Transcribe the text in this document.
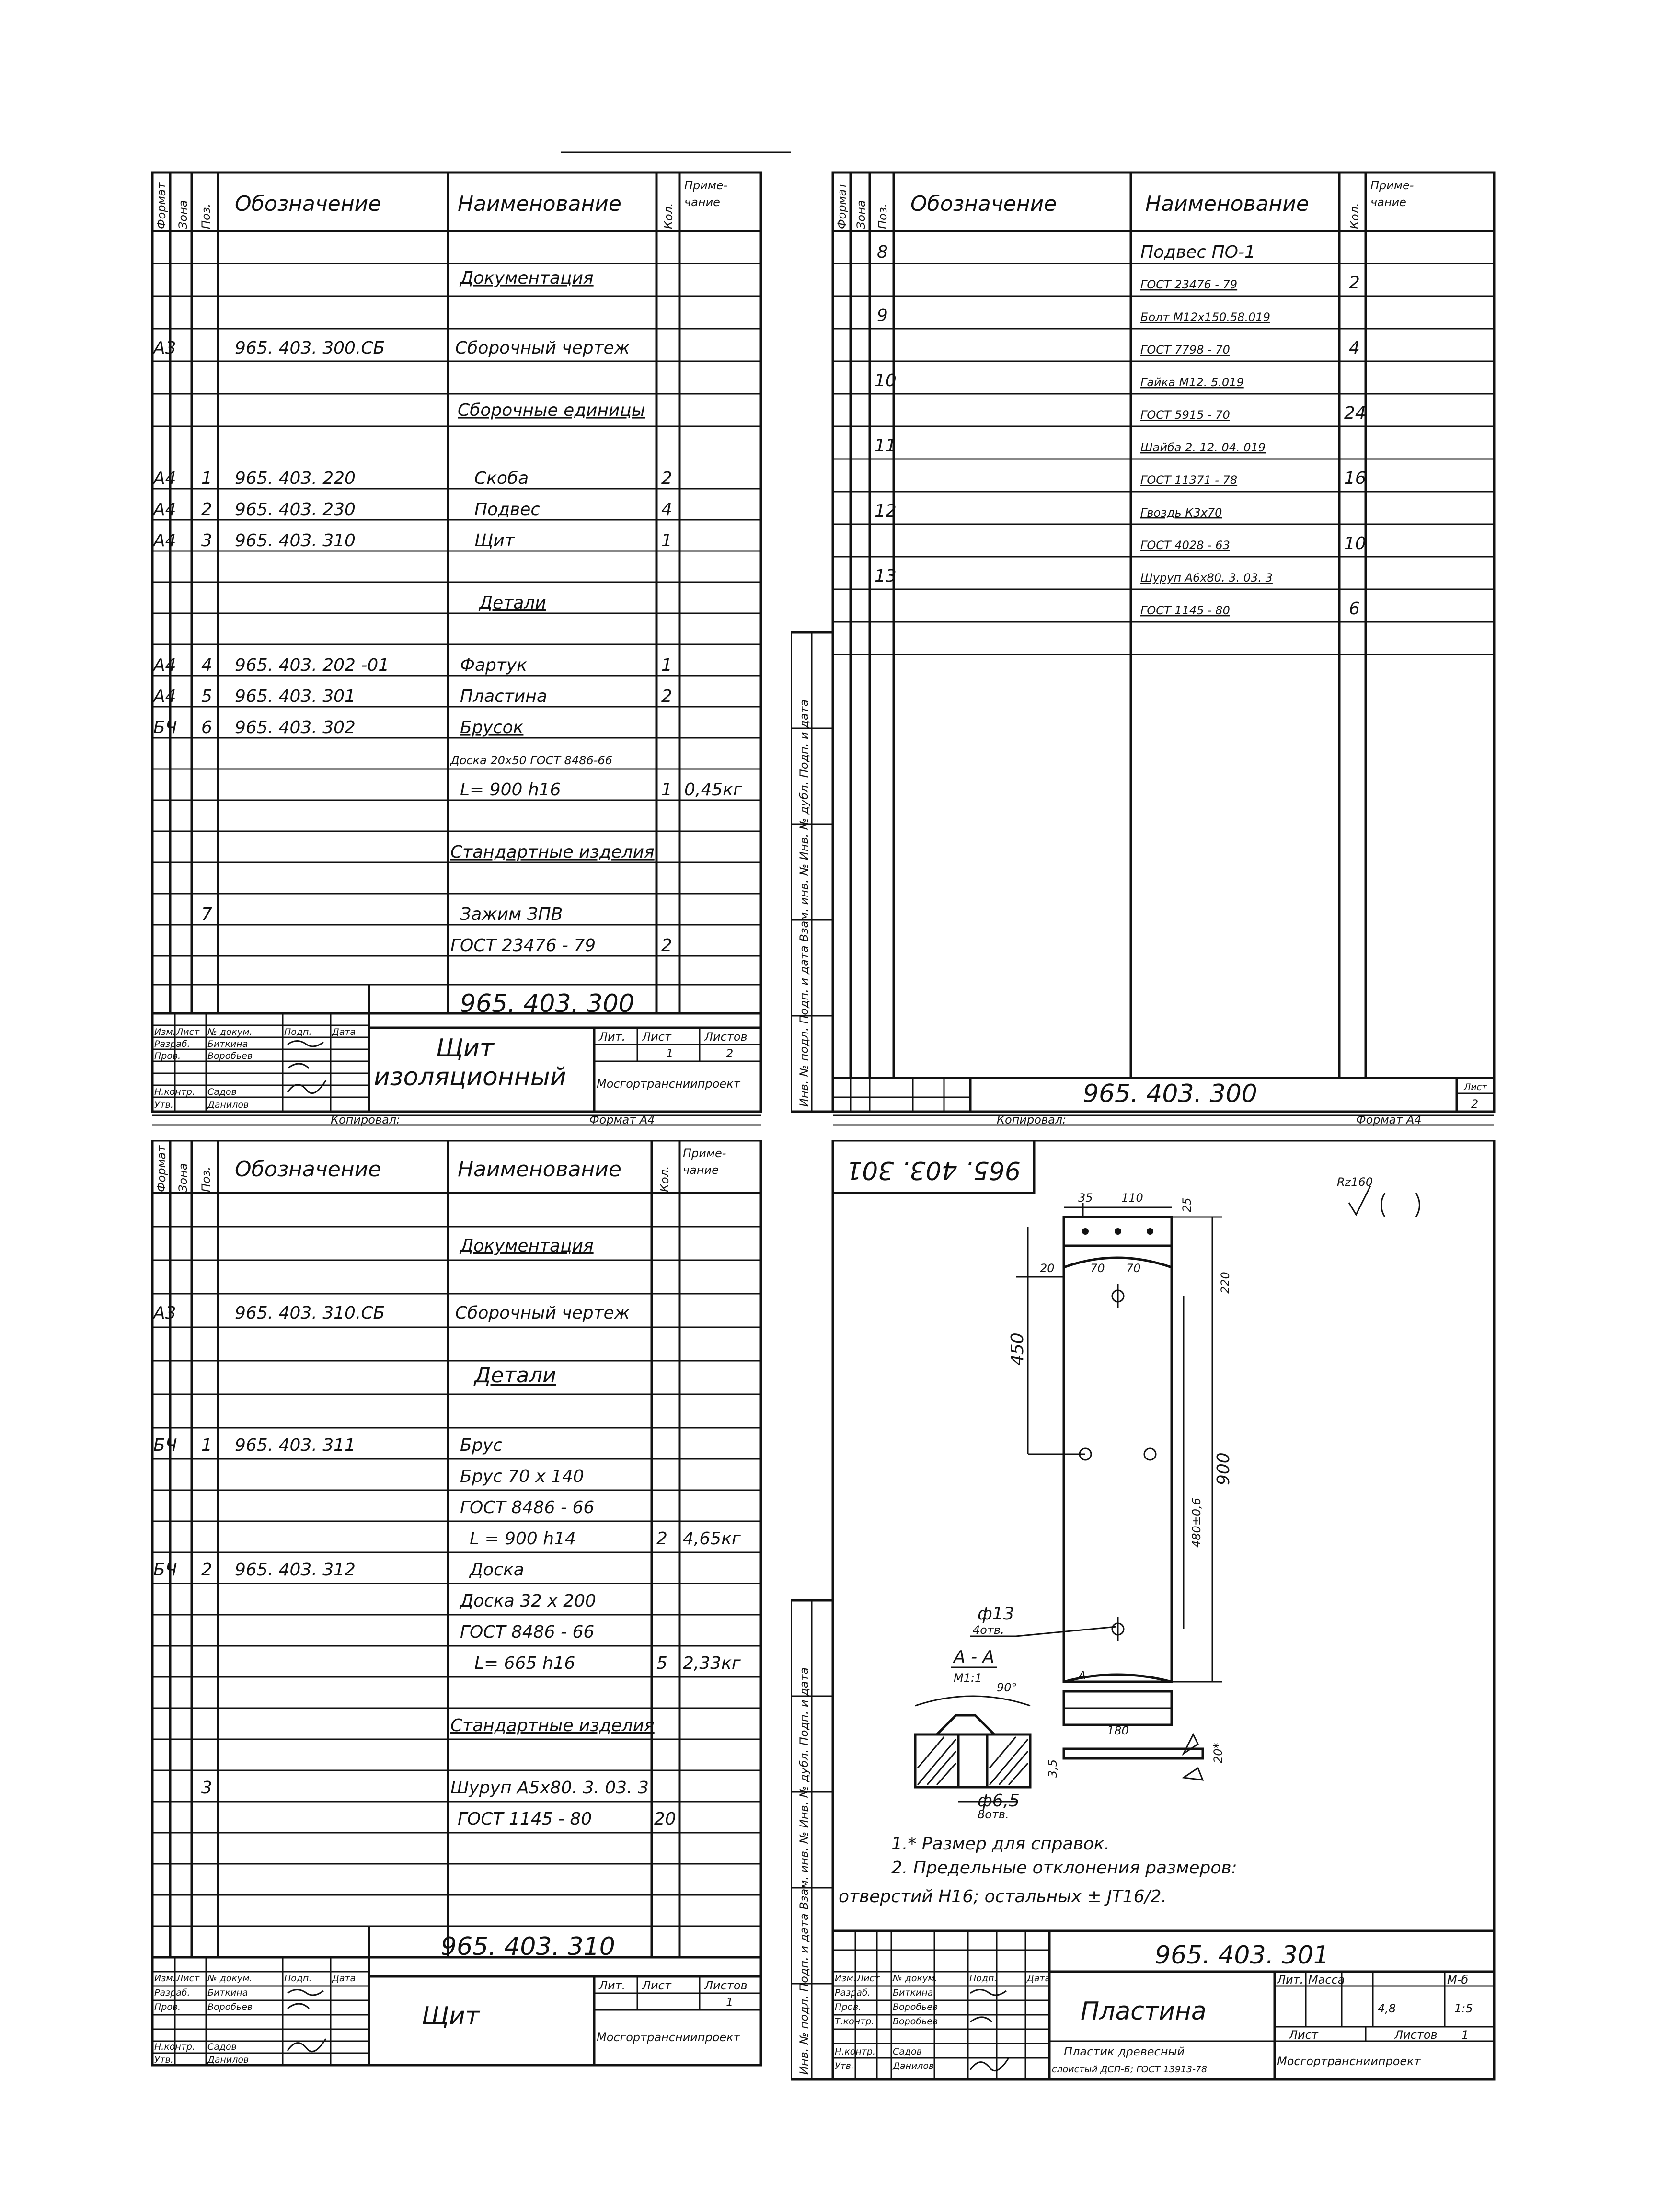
Формат Зона Поз. Обозначение	Наименование	Кол.
Приме-
чание
Документация
А3	965. 403. 300.СБ	Сборочный чертеж
Сборочные единицы
А4 1 965. 403. 220	Скоба	2
А4 2 965. 403. 230	Подвес	4
А4 3 965. 403. 310	Щит	1
Детали
А4 4 965. 403. 202 -01	Фартук	1
А4 5 965. 403. 301	Пластина	2
БЧ 6 965. 403. 302	Брусок
Доска 20х50 ГОСТ 8486-66
L= 900 h16	1 0,45кг
Стандартные изделия
7	Зажим ЗПВ
ГОСТ 23476 - 79	2
965. 403. 300
Щит
изоляционный
Лит. Лист	Листов
1	2
Мосгортрансниипроект
Изм. Лист № докум.	Подп. Дата
Разраб. Биткина
Пров.	Воробьев
Н.контр. Садов
Утв.	Данилов
Копировал:	Формат А4
Инв. № подл. Подп. и дата Взам. инв. № Инв. № дубл. Подп. и дата
Формат Зона Поз. Обозначение	Наименование	Кол.
Приме-
чание
8	Подвес ПО-1
ГОСТ 23476 - 79	2
9	Болт М12х150.58.019
ГОСТ 7798 - 70	4
10	Гайка М12. 5.019
ГОСТ 5915 - 70	24
11	Шайба 2. 12. 04. 019
ГОСТ 11371 - 78	16
12	Гвоздь К3х70
ГОСТ 4028 - 63	10
13	Шуруп А6х80. 3. 03. 3
ГОСТ 1145 - 80	6
965. 403. 300	Лист
2
Копировал:	Формат А4
Формат Зона Поз. Обозначение	Наименование	Кол.
Приме-
чание
Документация
А3	965. 403. 310.СБ	Сборочный чертеж
Детали
БЧ 1 965. 403. 311	Брус
Брус 70 х 140
ГОСТ 8486 - 66
L = 900 h14	2 4,65кг
БЧ 2 965. 403. 312	Доска
Доска 32 х 200
ГОСТ 8486 - 66
L= 665 h16	5 2,33кг
Стандартные изделия
3	Шуруп А5х80. 3. 03. 3
ГОСТ 1145 - 80	20
965. 403. 310
Щит
Лит. Лист	Листов
1
Мосгортрансниипроект
Изм. Лист № докум.	Подп. Дата
Разраб. Биткина
Пров.	Воробьев
Н.контр. Садов
Утв.	Данилов
965. 403. 301	Rz160
35 110	25
20	70 70
220
900
480±0,6
450
ф13
4отв.
180
20*
А
А - А
М1:1
90°
3,5
ф6,5
8отв.
1.* Размер для справок.
2. Предельные отклонения размеров:
отверстий Н16; остальных ± JT16/2.
Инв. № подл. Подп. и дата Взам. инв. № Инв. № дубл. Подп. и дата	965. 403. 301
Пластина
Пластик древесный
слоистый ДСП-Б; ГОСТ 13913-78
Лит. Масса	М-б
4,8	1:5
Лист	Листов 1
Мосгортрансниипроект
Изм. Лист № докум.	Подп.	Дата
Разраб. Биткина
Пров.	Воробьев
Т.контр. Воробьев
Н.контр. Садов
Утв.	Данилов
